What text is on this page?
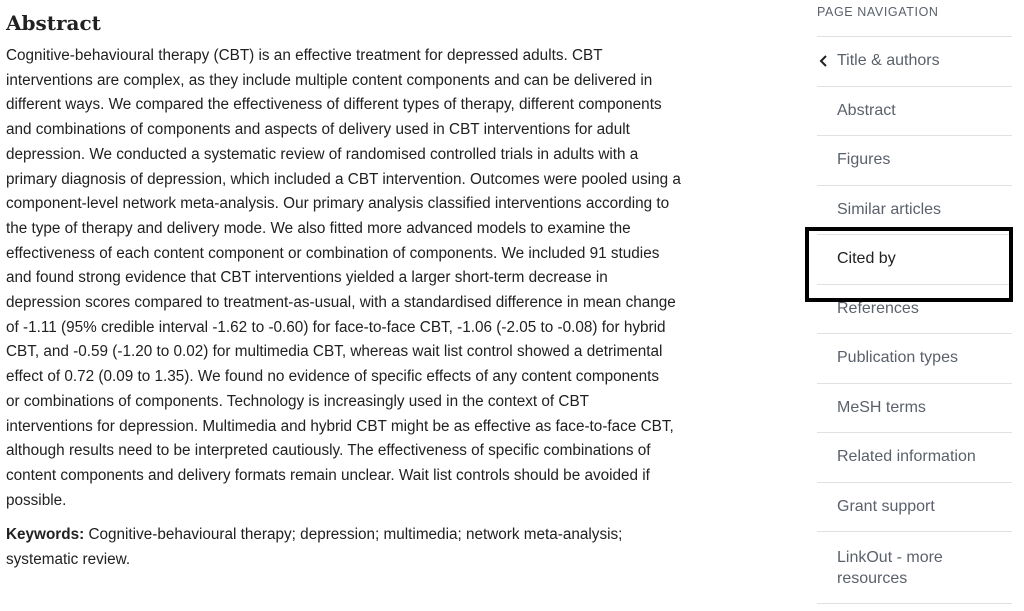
Abstract

Cognitive-behavioural therapy (CBT) is an effective treatment for depressed adults. CBT
interventions are complex, as they include multiple content components and can be delivered in
different ways. We compared the effectiveness of different types of therapy, different components
and combinations of components and aspects of delivery used in CBT interventions for adult
depression. We conducted a systematic review of randomised controlled trials in adults with a
primary diagnosis of depression, which included a CBT intervention. Outcomes were pooled using a
component-level network meta-analysis. Our primary analysis classified interventions according to
the type of therapy and delivery mode. We also fitted more advanced models to examine the
effectiveness of each content component or combination of components. We included 91 studies
and found strong evidence that CBT interventions yielded a larger short-term decrease in
depression scores compared to treatment-as-usual, with a standardised difference in mean change
of -1.11 (95% credible interval -1.62 to -0.60) for face-to-face CBT, -1.06 (-2.05 to -0.08) for hybrid
CBT, and -0.59 (-1.20 to 0.02) for multimedia CBT, whereas wait list control showed a detrimental
effect of 0.72 (0.09 to 1.35). We found no evidence of specific effects of any content components
or combinations of components. Technology is increasingly used in the context of CBT
interventions for depression. Multimedia and hybrid CBT might be as effective as face-to-face CBT,
although results need to be interpreted cautiously. The effectiveness of specific combinations of
content components and delivery formats remain unclear. Wait list controls should be avoided if
possible.

Keywords: Cognitive-behavioural therapy; depression; multimedia; network meta-analysis;
systematic review.
PAGE NAVIGATION
Title & authors
Abstract
Figures
Similar articles
Cited by
References
Publication types
MeSH terms
Related information
Grant support
LinkOut - more
resources
